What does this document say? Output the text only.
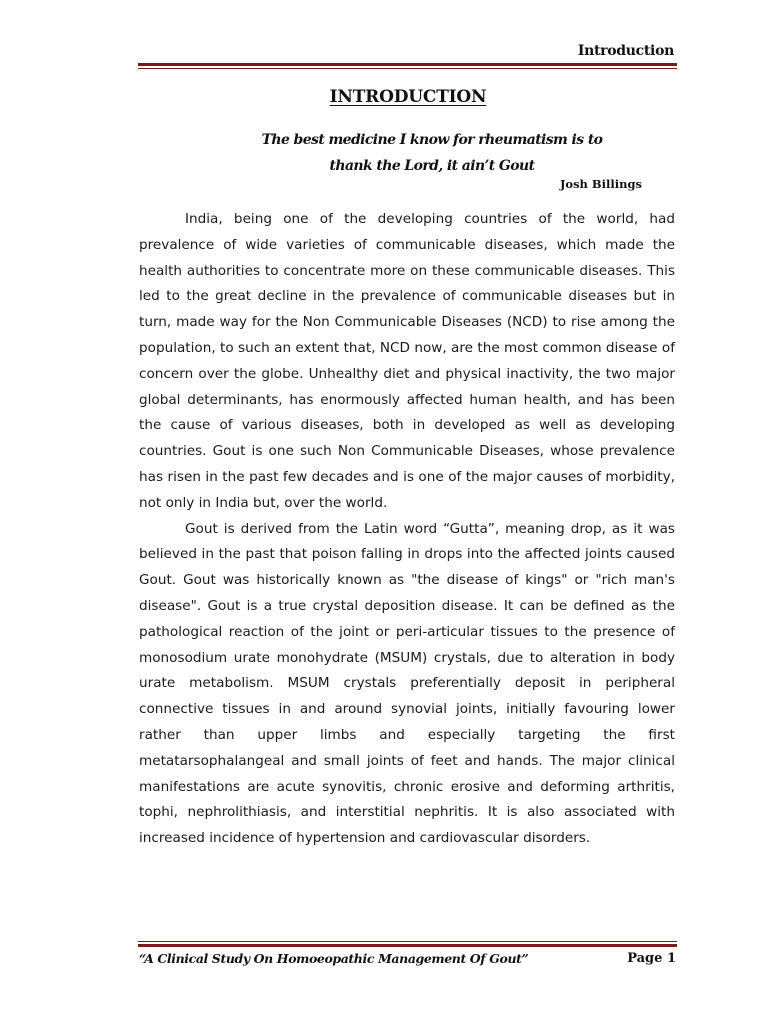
Introduction
INTRODUCTION
The best medicine I know for rheumatism is to
thank the Lord, it ain’t Gout
Josh Billings

India, being one of the developing countries of the world, had prevalence of wide varieties of communicable diseases, which made the health authorities to concentrate more on these communicable diseases. This led to the great decline in the prevalence of communicable diseases but in turn, made way for the Non Communicable Diseases (NCD) to rise among the population, to such an extent that, NCD now, are the most common disease of concern over the globe. Unhealthy diet and physical inactivity, the two major global determinants, has enormously affected human health, and has been the cause of various diseases, both in developed as well as developing countries. Gout is one such Non Communicable Diseases, whose prevalence has risen in the past few decades and is one of the major causes of morbidity, not only in India but, over the world.

Gout is derived from the Latin word “Gutta”, meaning drop, as it was believed in the past that poison falling in drops into the affected joints caused Gout. Gout was historically known as "the disease of kings" or "rich man's disease". Gout is a true crystal deposition disease. It can be defined as the pathological reaction of the joint or peri-articular tissues to the presence of monosodium urate monohydrate (MSUM) crystals, due to alteration in body urate metabolism. MSUM crystals preferentially deposit in peripheral connective tissues in and around synovial joints, initially favouring lower rather than upper limbs and especially targeting the first metatarsophalangeal and small joints of feet and hands. The major clinical manifestations are acute synovitis, chronic erosive and deforming arthritis, tophi, nephrolithiasis, and interstitial nephritis. It is also associated with increased incidence of hypertension and cardiovascular disorders.

“A Clinical Study On Homoeopathic Management Of Gout”	Page 1
